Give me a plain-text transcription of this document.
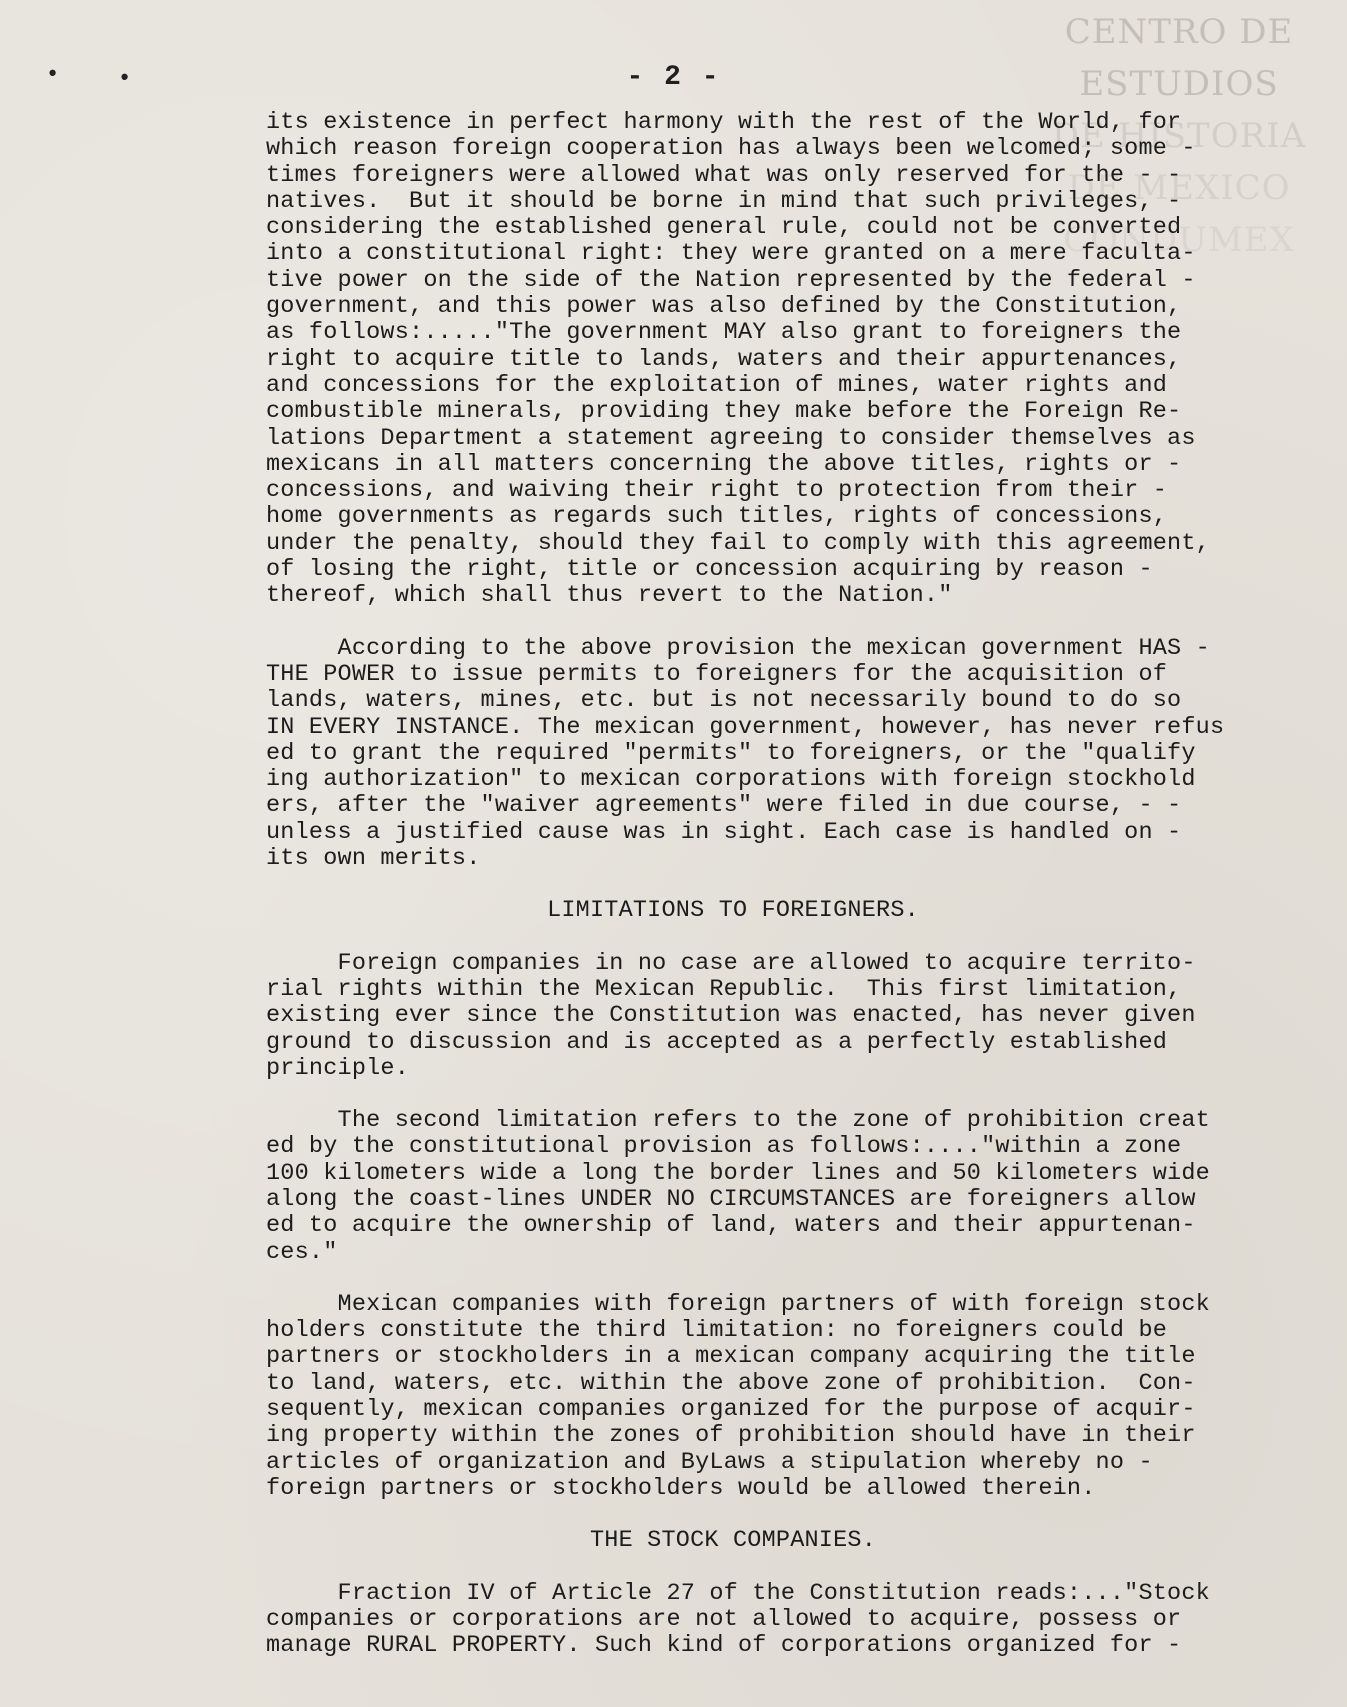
CENTRO DE
ESTUDIOS
DE HISTORIA
DE MEXICO
CONDUMEX
•	•	- 2 -

its existence in perfect harmony with the rest of the World, for
which reason foreign cooperation has always been welcomed; some -
times foreigners were allowed what was only reserved for the - -
natives.  But it should be borne in mind that such privileges, -
considering the established general rule, could not be converted
into a constitutional right: they were granted on a mere faculta-
tive power on the side of the Nation represented by the federal -
government, and this power was also defined by the Constitution,
as follows:....."The government MAY also grant to foreigners the
right to acquire title to lands, waters and their appurtenances,
and concessions for the exploitation of mines, water rights and
combustible minerals, providing they make before the Foreign Re-
lations Department a statement agreeing to consider themselves as
mexicans in all matters concerning the above titles, rights or -
concessions, and waiving their right to protection from their -
home governments as regards such titles, rights of concessions,
under the penalty, should they fail to comply with this agreement,
of losing the right, title or concession acquiring by reason -
thereof, which shall thus revert to the Nation."

According to the above provision the mexican government HAS -
THE POWER to issue permits to foreigners for the acquisition of
lands, waters, mines, etc. but is not necessarily bound to do so
IN EVERY INSTANCE. The mexican government, however, has never refus
ed to grant the required "permits" to foreigners, or the "qualify
ing authorization" to mexican corporations with foreign stockhold
ers, after the "waiver agreements" were filed in due course, - -
unless a justified cause was in sight. Each case is handled on -
its own merits.

LIMITATIONS TO FOREIGNERS.

Foreign companies in no case are allowed to acquire territo-
rial rights within the Mexican Republic.  This first limitation,
existing ever since the Constitution was enacted, has never given
ground to discussion and is accepted as a perfectly established
principle.

The second limitation refers to the zone of prohibition creat
ed by the constitutional provision as follows:...."within a zone
100 kilometers wide a long the border lines and 50 kilometers wide
along the coast-lines UNDER NO CIRCUMSTANCES are foreigners allow
ed to acquire the ownership of land, waters and their appurtenan-
ces."

Mexican companies with foreign partners of with foreign stock
holders constitute the third limitation: no foreigners could be
partners or stockholders in a mexican company acquiring the title
to land, waters, etc. within the above zone of prohibition.  Con-
sequently, mexican companies organized for the purpose of acquir-
ing property within the zones of prohibition should have in their
articles of organization and ByLaws a stipulation whereby no -
foreign partners or stockholders would be allowed therein.

THE STOCK COMPANIES.

Fraction IV of Article 27 of the Constitution reads:..."Stock
companies or corporations are not allowed to acquire, possess or
manage RURAL PROPERTY. Such kind of corporations organized for -
